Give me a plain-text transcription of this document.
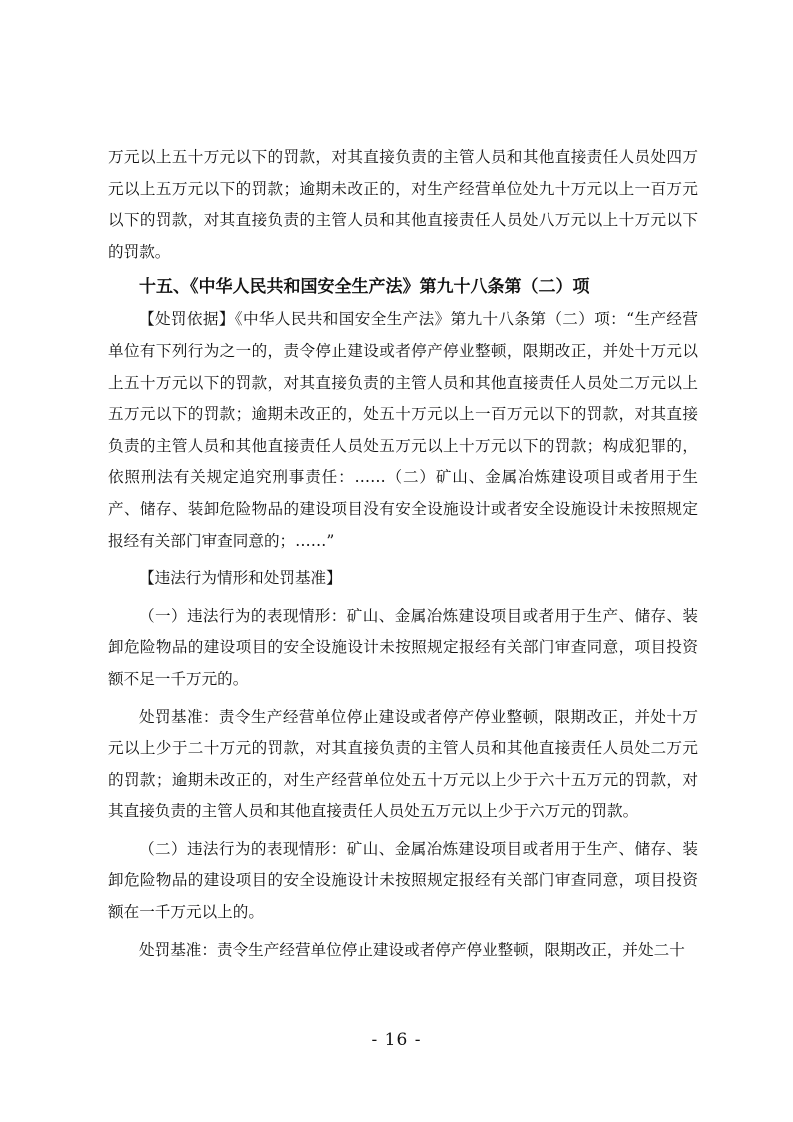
万元以上五十万元以下的罚款，对其直接负责的主管人员和其他直接责任人员处四万元以上五万元以下的罚款；逾期未改正的，对生产经营单位处九十万元以上一百万元以下的罚款，对其直接负责的主管人员和其他直接责任人员处八万元以上十万元以下的罚款。

十五、《中华人民共和国安全生产法》第九十八条第（二）项

【处罚依据】《中华人民共和国安全生产法》第九十八条第（二）项：“生产经营单位有下列行为之一的，责令停止建设或者停产停业整顿，限期改正，并处十万元以上五十万元以下的罚款，对其直接负责的主管人员和其他直接责任人员处二万元以上五万元以下的罚款；逾期未改正的，处五十万元以上一百万元以下的罚款，对其直接负责的主管人员和其他直接责任人员处五万元以上十万元以下的罚款；构成犯罪的，依照刑法有关规定追究刑事责任：……（二）矿山、金属冶炼建设项目或者用于生产、储存、装卸危险物品的建设项目没有安全设施设计或者安全设施设计未按照规定报经有关部门审查同意的；……”

【违法行为情形和处罚基准】

（一）违法行为的表现情形：矿山、金属冶炼建设项目或者用于生产、储存、装卸危险物品的建设项目的安全设施设计未按照规定报经有关部门审查同意，项目投资额不足一千万元的。

处罚基准：责令生产经营单位停止建设或者停产停业整顿，限期改正，并处十万元以上少于二十万元的罚款，对其直接负责的主管人员和其他直接责任人员处二万元的罚款；逾期未改正的，对生产经营单位处五十万元以上少于六十五万元的罚款，对其直接负责的主管人员和其他直接责任人员处五万元以上少于六万元的罚款。

（二）违法行为的表现情形：矿山、金属冶炼建设项目或者用于生产、储存、装卸危险物品的建设项目的安全设施设计未按照规定报经有关部门审查同意，项目投资额在一千万元以上的。

处罚基准：责令生产经营单位停止建设或者停产停业整顿，限期改正，并处二十

- 16 -
